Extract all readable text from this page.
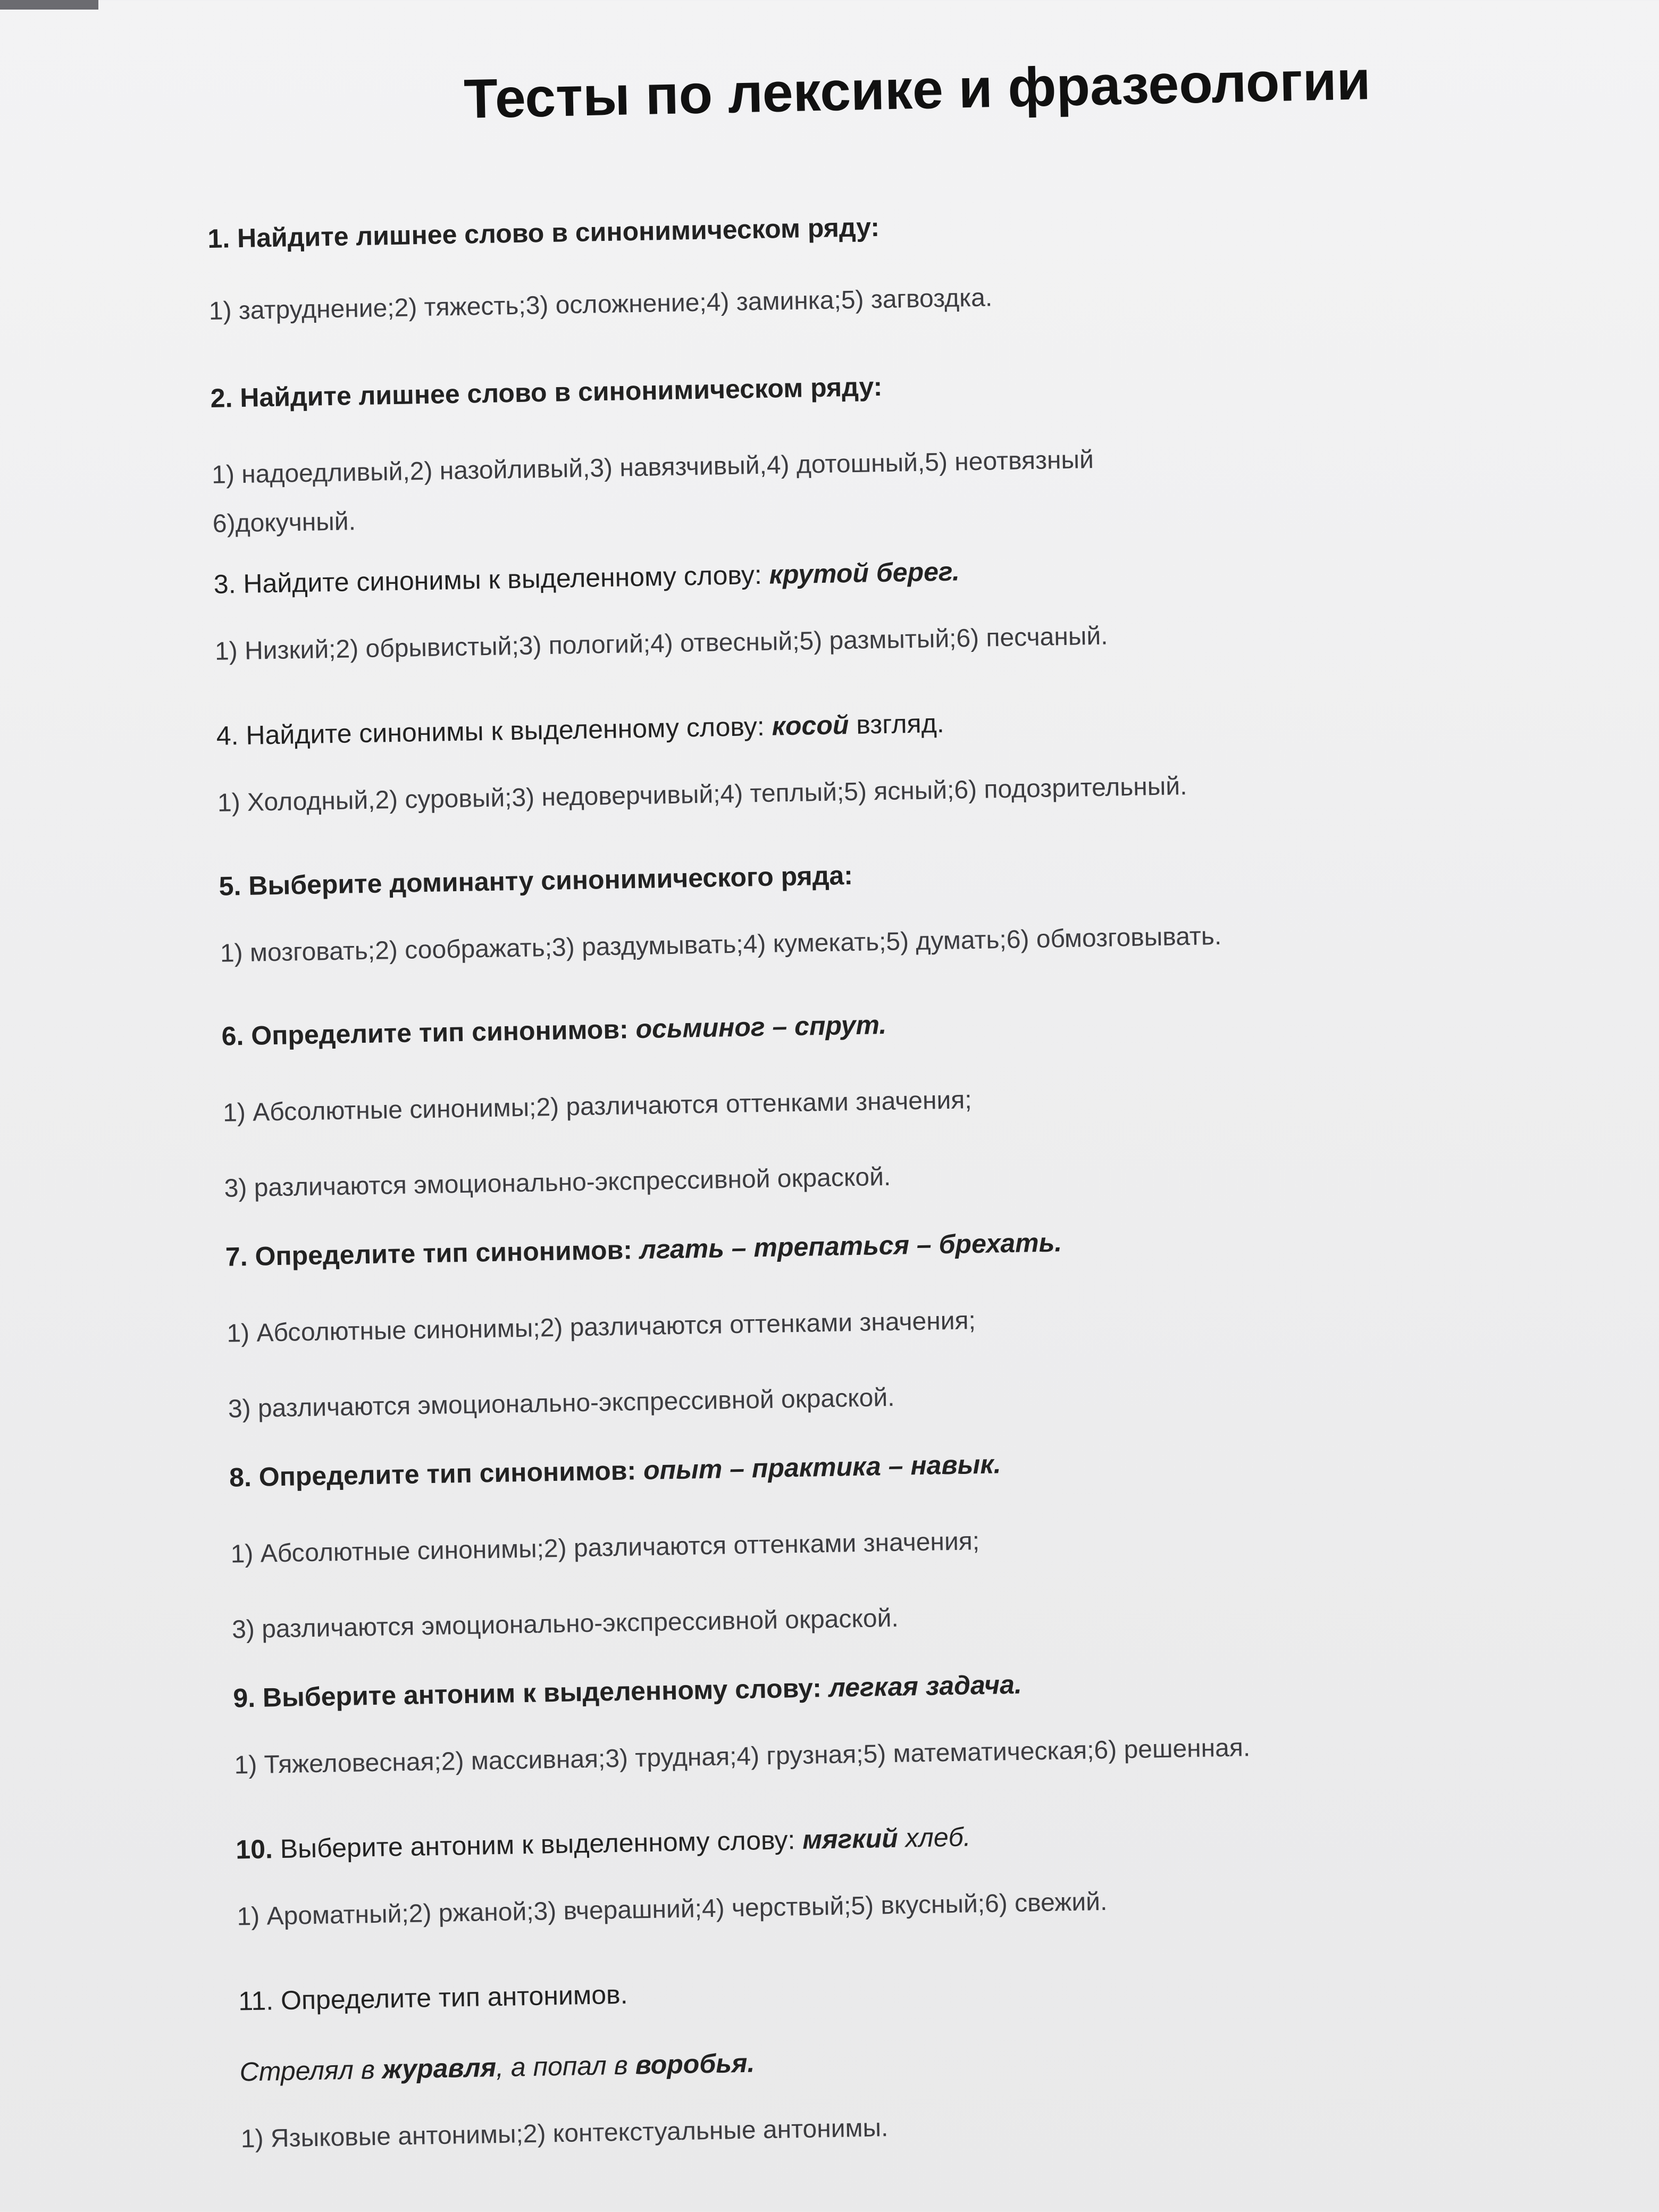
Тесты по лексике и фразеологии
1. Найдите лишнее слово в синонимическом ряду:
1) затруднение;2) тяжесть;3) осложнение;4) заминка;5) загвоздка.
2. Найдите лишнее слово в синонимическом ряду:
1) надоедливый,2) назойливый,3) навязчивый,4) дотошный,5) неотвязный
6)докучный.
3. Найдите синонимы к выделенному слову: крутой берег.
1) Низкий;2) обрывистый;3) пологий;4) отвесный;5) размытый;6) песчаный.
4. Найдите синонимы к выделенному слову: косой взгляд.
1) Холодный,2) суровый;3) недоверчивый;4) теплый;5) ясный;6) подозрительный.
5. Выберите доминанту синонимического ряда:
1) мозговать;2) соображать;3) раздумывать;4) кумекать;5) думать;6) обмозговывать.
6. Определите тип синонимов: осьминог – спрут.
1) Абсолютные синонимы;2) различаются оттенками значения;
3) различаются эмоционально-экспрессивной окраской.
7. Определите тип синонимов: лгать – трепаться – брехать.
1) Абсолютные синонимы;2) различаются оттенками значения;
3) различаются эмоционально-экспрессивной окраской.
8. Определите тип синонимов: опыт – практика – навык.
1) Абсолютные синонимы;2) различаются оттенками значения;
3) различаются эмоционально-экспрессивной окраской.
9. Выберите антоним к выделенному слову: легкая задача.
1) Тяжеловесная;2) массивная;3) трудная;4) грузная;5) математическая;6) решенная.
10. Выберите антоним к выделенному слову: мягкий хлеб.
1) Ароматный;2) ржаной;3) вчерашний;4) черствый;5) вкусный;6) свежий.
11. Определите тип антонимов.
Стрелял в журавля, а попал в воробья.
1) Языковые антонимы;2) контекстуальные антонимы.
